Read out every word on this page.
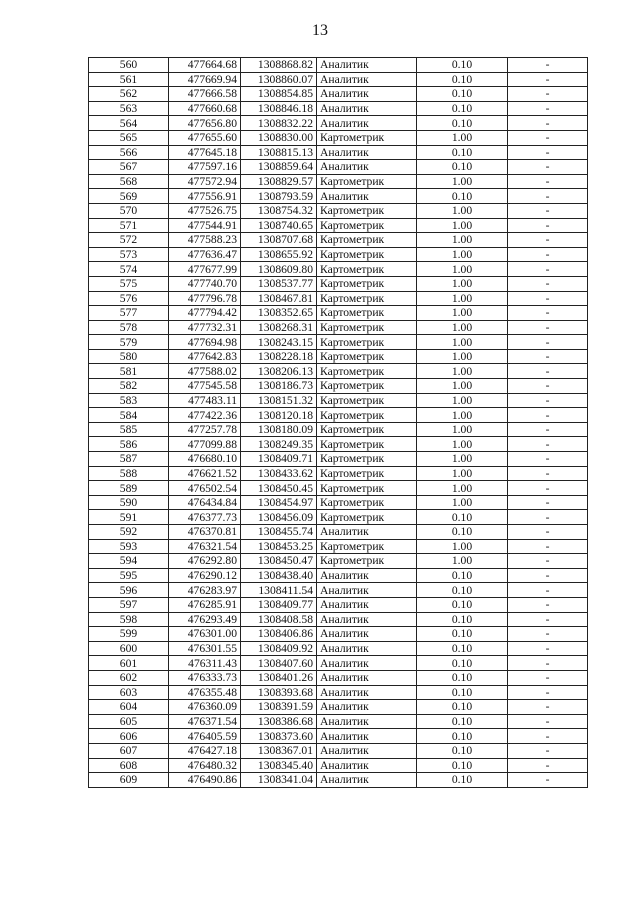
13
560	477664.68	1308868.82	Аналитик	0.10	-
561	477669.94	1308860.07	Аналитик	0.10	-
562	477666.58	1308854.85	Аналитик	0.10	-
563	477660.68	1308846.18	Аналитик	0.10	-
564	477656.80	1308832.22	Аналитик	0.10	-
565	477655.60	1308830.00	Картометрик	1.00	-
566	477645.18	1308815.13	Аналитик	0.10	-
567	477597.16	1308859.64	Аналитик	0.10	-
568	477572.94	1308829.57	Картометрик	1.00	-
569	477556.91	1308793.59	Аналитик	0.10	-
570	477526.75	1308754.32	Картометрик	1.00	-
571	477544.91	1308740.65	Картометрик	1.00	-
572	477588.23	1308707.68	Картометрик	1.00	-
573	477636.47	1308655.92	Картометрик	1.00	-
574	477677.99	1308609.80	Картометрик	1.00	-
575	477740.70	1308537.77	Картометрик	1.00	-
576	477796.78	1308467.81	Картометрик	1.00	-
577	477794.42	1308352.65	Картометрик	1.00	-
578	477732.31	1308268.31	Картометрик	1.00	-
579	477694.98	1308243.15	Картометрик	1.00	-
580	477642.83	1308228.18	Картометрик	1.00	-
581	477588.02	1308206.13	Картометрик	1.00	-
582	477545.58	1308186.73	Картометрик	1.00	-
583	477483.11	1308151.32	Картометрик	1.00	-
584	477422.36	1308120.18	Картометрик	1.00	-
585	477257.78	1308180.09	Картометрик	1.00	-
586	477099.88	1308249.35	Картометрик	1.00	-
587	476680.10	1308409.71	Картометрик	1.00	-
588	476621.52	1308433.62	Картометрик	1.00	-
589	476502.54	1308450.45	Картометрик	1.00	-
590	476434.84	1308454.97	Картометрик	1.00	-
591	476377.73	1308456.09	Картометрик	0.10	-
592	476370.81	1308455.74	Аналитик	0.10	-
593	476321.54	1308453.25	Картометрик	1.00	-
594	476292.80	1308450.47	Картометрик	1.00	-
595	476290.12	1308438.40	Аналитик	0.10	-
596	476283.97	1308411.54	Аналитик	0.10	-
597	476285.91	1308409.77	Аналитик	0.10	-
598	476293.49	1308408.58	Аналитик	0.10	-
599	476301.00	1308406.86	Аналитик	0.10	-
600	476301.55	1308409.92	Аналитик	0.10	-
601	476311.43	1308407.60	Аналитик	0.10	-
602	476333.73	1308401.26	Аналитик	0.10	-
603	476355.48	1308393.68	Аналитик	0.10	-
604	476360.09	1308391.59	Аналитик	0.10	-
605	476371.54	1308386.68	Аналитик	0.10	-
606	476405.59	1308373.60	Аналитик	0.10	-
607	476427.18	1308367.01	Аналитик	0.10	-
608	476480.32	1308345.40	Аналитик	0.10	-
609	476490.86	1308341.04	Аналитик	0.10	-
